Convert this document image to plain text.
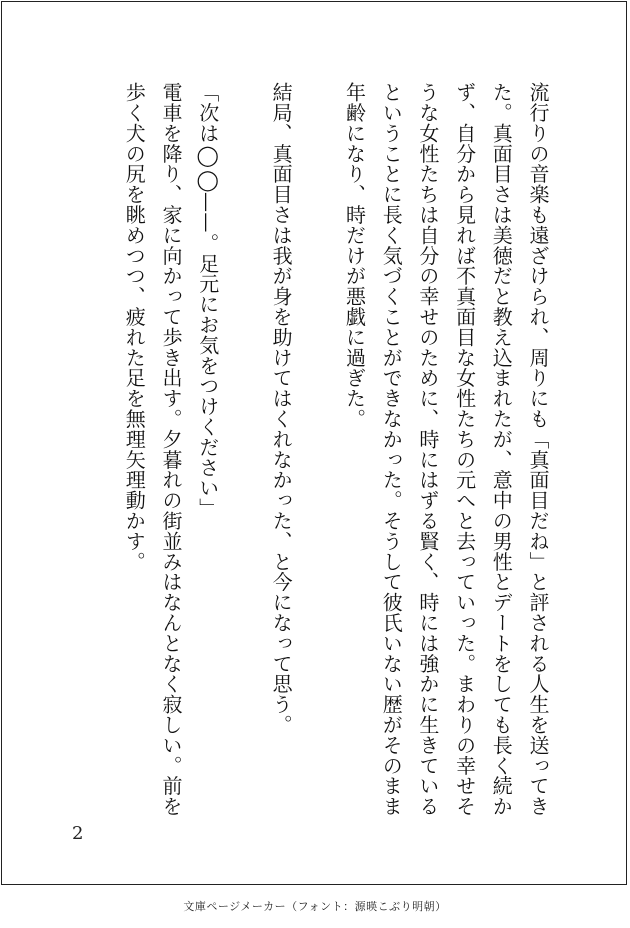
流行りの音楽も遠ざけられ、周りにも「真面目だね」と評される人生を送ってきた。真面目さは美徳だと教え込まれたが、意中の男性とデートをしても長く続かず、自分から見れば不真面目な女性たちの元へと去っていった。まわりの幸せそうな女性たちは自分の幸せのために、時にはずる賢く、時には強かに生きているということに長く気づくことができなかった。そうして彼氏いない歴がそのまま年齢になり、時だけが悪戯に過ぎた。

結局、真面目さは我が身を助けてはくれなかった、と今になって思う。

「次は◯◯——。足元にお気をつけください」

電車を降り、家に向かって歩き出す。夕暮れの街並みはなんとなく寂しい。前を歩く犬の尻を眺めつつ、疲れた足を無理矢理動かす。

2
文庫ページメーカー（フォント：源暎こぶり明朝）
